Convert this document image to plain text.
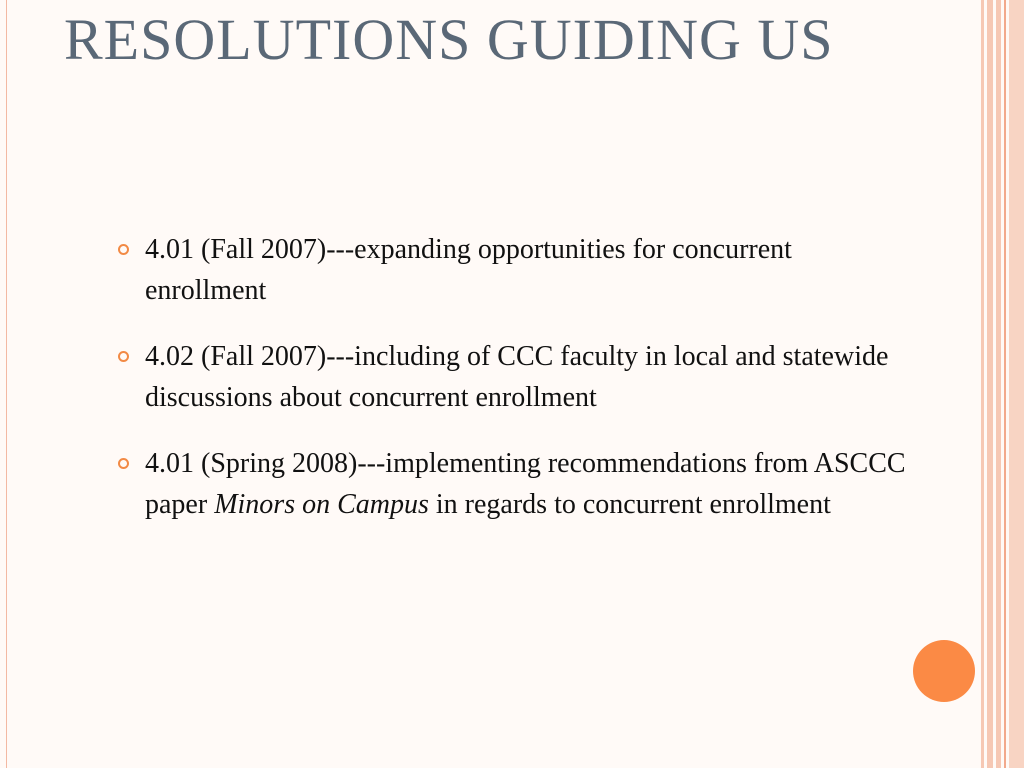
RESOLUTIONS GUIDING US
4.01 (Fall 2007)---expanding opportunities for concurrent enrollment
4.02 (Fall 2007)---including of CCC faculty in local and statewide discussions about concurrent enrollment
4.01 (Spring 2008)---implementing recommendations from ASCCC paper Minors on Campus in regards to concurrent enrollment
